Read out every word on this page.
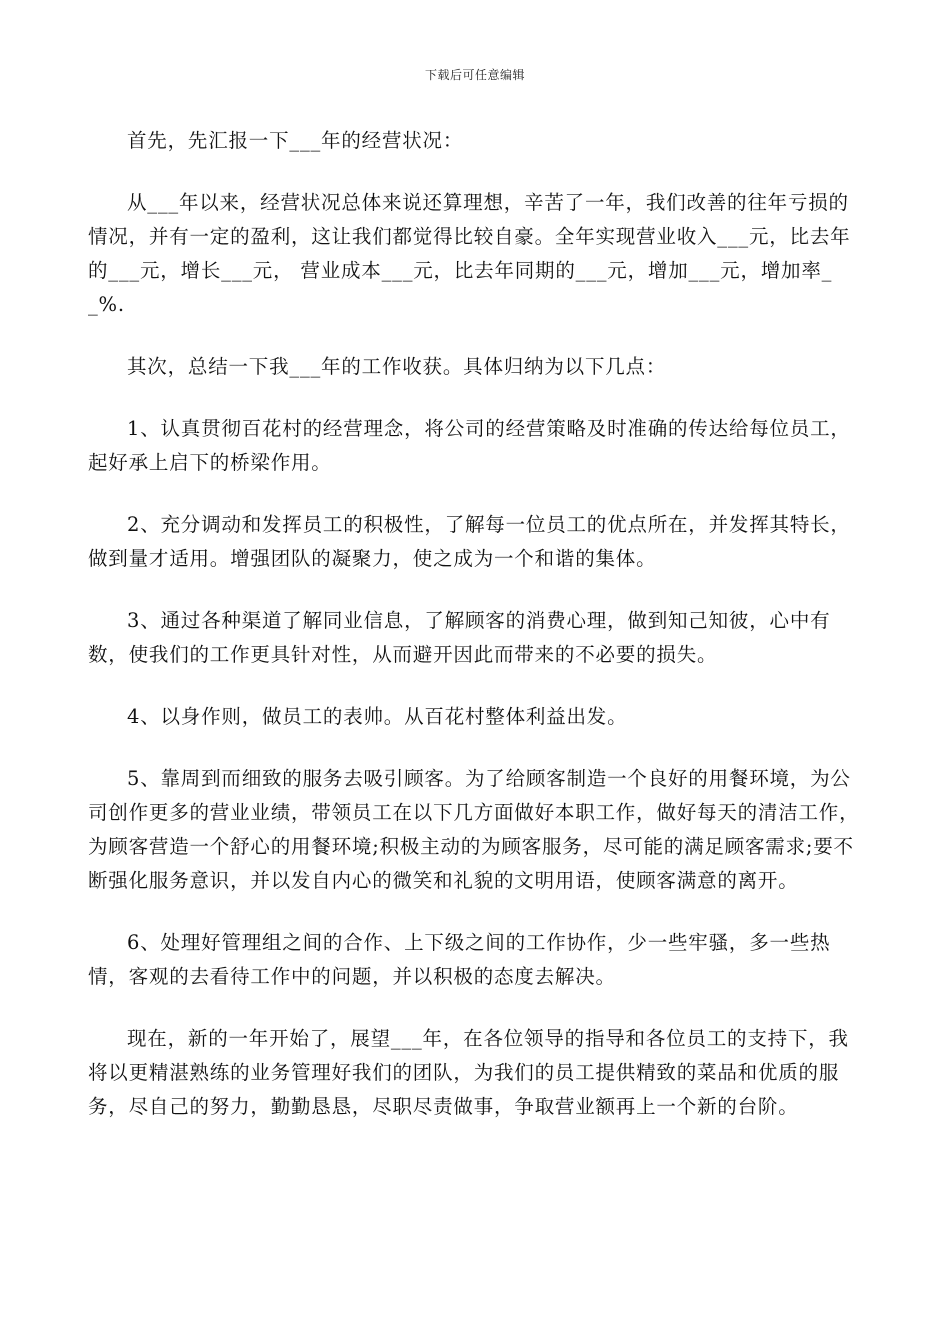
下载后可任意编辑

首先，先汇报一下___年的经营状况：

从___年以来，经营状况总体来说还算理想，辛苦了一年，我们改善的往年亏损的情况，并有一定的盈利，这让我们都觉得比较自豪。全年实现营业收入___元，比去年的___元，增长___元， 营业成本___元，比去年同期的___元，增加___元，增加率__%.

其次，总结一下我___年的工作收获。具体归纳为以下几点：

1、认真贯彻百花村的经营理念，将公司的经营策略及时准确的传达给每位员工，起好承上启下的桥梁作用。

2、充分调动和发挥员工的积极性，了解每一位员工的优点所在，并发挥其特长，做到量才适用。增强团队的凝聚力，使之成为一个和谐的集体。

3、通过各种渠道了解同业信息，了解顾客的消费心理，做到知己知彼，心中有数，使我们的工作更具针对性，从而避开因此而带来的不必要的损失。

4、以身作则，做员工的表帅。从百花村整体利益出发。

5、靠周到而细致的服务去吸引顾客。为了给顾客制造一个良好的用餐环境，为公司创作更多的营业业绩，带领员工在以下几方面做好本职工作，做好每天的清洁工作，为顾客营造一个舒心的用餐环境;积极主动的为顾客服务，尽可能的满足顾客需求;要不断强化服务意识，并以发自内心的微笑和礼貌的文明用语，使顾客满意的离开。

6、处理好管理组之间的合作、上下级之间的工作协作，少一些牢骚，多一些热情，客观的去看待工作中的问题，并以积极的态度去解决。

现在，新的一年开始了，展望___年，在各位领导的指导和各位员工的支持下，我将以更精湛熟练的业务管理好我们的团队，为我们的员工提供精致的菜品和优质的服务，尽自己的努力，勤勤恳恳，尽职尽责做事，争取营业额再上一个新的台阶。
